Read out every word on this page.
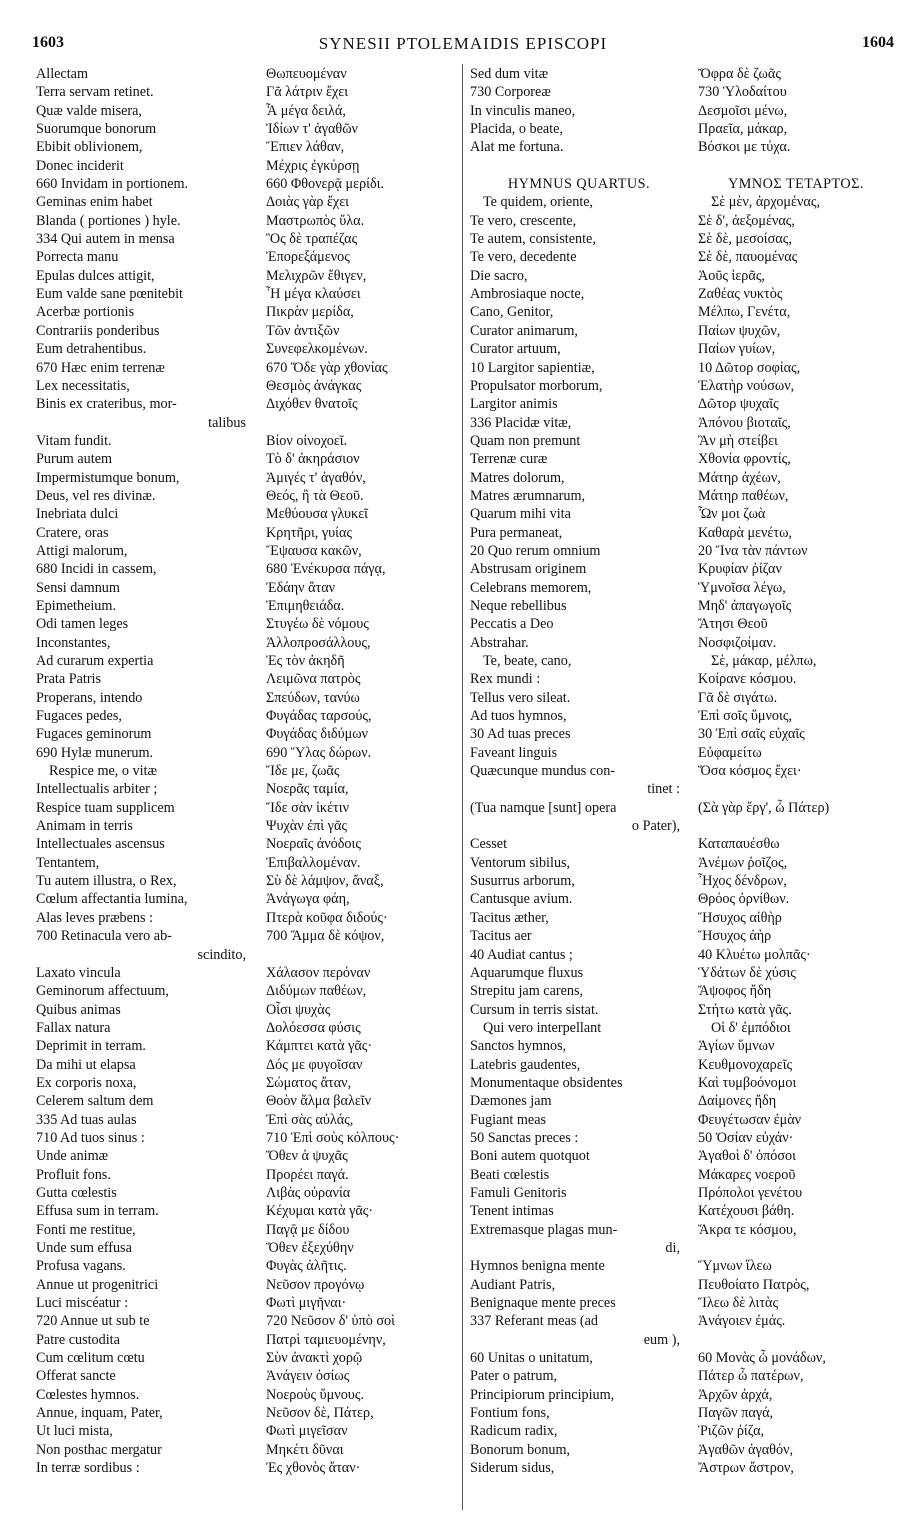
1603	SYNESII PTOLEMAIDIS EPISCOPI	1604
Allectam
Terra servam retinet.
Quæ valde misera,
Suorumque bonorum
Ebibit oblivionem,
Donec inciderit
660 Invidam in portionem.
Geminas enim habet
Blanda ( portiones ) hyle.
334 Qui autem in mensa
Porrecta manu
Epulas dulces attigit,
Eum valde sane pœnitebit
Acerbæ portionis
Contrariis ponderibus
Eum detrahentibus.
670 Hæc enim terrenæ
Lex necessitatis,
Binis ex crateribus, mor-
talibus
Vitam fundit.
Purum autem
Impermistumque bonum,
Deus, vel res divinæ.
Inebriata dulci
Cratere, oras
Attigi malorum,
680 Incidi in cassem,
Sensi damnum
Epimetheium.
Odi tamen leges
Inconstantes,
Ad curarum expertia
Prata Patris
Properans, intendo
Fugaces pedes,
Fugaces geminorum
690 Hylæ munerum.
Respice me, o vitæ
Intellectualis arbiter ;
Respice tuam supplicem
Animam in terris
Intellectuales ascensus
Tentantem,
Tu autem illustra, o Rex,
Cœlum affectantia lumina,
Alas leves præbens :
700 Retinacula vero ab-
scindito,
Laxato vincula
Geminorum affectuum,
Quibus animas
Fallax natura
Deprimit in terram.
Da mihi ut elapsa
Ex corporis noxa,
Celerem saltum dem
335 Ad tuas aulas
710 Ad tuos sinus :
Unde animæ
Profluit fons.
Gutta cœlestis
Effusa sum in terram.
Fonti me restitue,
Unde sum effusa
Profusa vagans.
Annue ut progenitrici
Luci miscéatur :
720 Annue ut sub te
Patre custodita
Cum cœlitum cœtu
Offerat sancte
Cœlestes hymnos.
Annue, inquam, Pater,
Ut luci mista,
Non posthac mergatur
In terræ sordibus :
Θωπευομέναν
Γᾶ λάτριν ἔχει
Ἆ μέγα δειλά,
Ἰδίων τ' ἀγαθῶν
Ἔπιεν λάθαν,
Μέχρις ἐγκύρσῃ
660 Φθονερᾷ μερίδι.
Δοιὰς γὰρ ἔχει
Μαστρωπὸς ὕλα.
Ὃς δὲ τραπέζας
Ἐπορεξάμενος
Μελιχρῶν ἔθιγεν,
Ἦ μέγα κλαύσει
Πικρὰν μερίδα,
Τῶν ἀντιξῶν
Συνεφελκομένων.
670 Ὅδε γὰρ χθονίας
Θεσμὸς ἀνάγκας
Διχόθεν θνατοῖς
Βίον οἰνοχοεῖ.
Τὸ δ' ἀκηράσιον
Ἀμιγές τ' ἀγαθόν,
Θεός, ἢ τὰ Θεοῦ.
Μεθύουσα γλυκεῖ
Κρητῆρι, γυίας
Ἔψαυσα κακῶν,
680 Ἐνέκυρσα πάγᾳ,
Ἐδάην ἄταν
Ἐπιμηθειάδα.
Στυγέω δὲ νόμους
Ἀλλοπροσάλλους,
Ἐς τὸν ἀκηδῆ
Λειμῶνα πατρὸς
Σπεύδων, τανύω
Φυγάδας ταρσούς,
Φυγάδας διδύμων
690 Ὕλας δώρων.
Ἴδε με, ζωᾶς
Νοερᾶς ταμία,
Ἴδε σὰν ἱκέτιν
Ψυχὰν ἐπὶ γᾶς
Νοεραῖς ἀνόδοις
Ἐπιβαλλομέναν.
Σὺ δὲ λάμψον, ἄναξ,
Ἀνάγωγα φάη,
Πτερὰ κοῦφα διδούς·
700 Ἄμμα δὲ κόψον,
Χάλασον περόναν
Διδύμων παθέων,
Οἷσι ψυχὰς
Δολόεσσα φύσις
Κάμπτει κατὰ γᾶς·
Δός με φυγοῖσαν
Σώματος ἄταν,
Θοὸν ἅλμα βαλεῖν
Ἐπὶ σὰς αὐλάς,
710 Ἐπὶ σοὺς κόλπους·
Ὅθεν ἁ ψυχᾶς
Προρέει παγά.
Λιβὰς οὐρανία
Κέχυμαι κατὰ γᾶς·
Παγᾷ με δίδου
Ὅθεν ἐξεχύθην
Φυγὰς ἀλῆτις.
Νεῦσον προγόνῳ
Φωτὶ μιγῆναι·
720 Νεῦσον δ' ὑπὸ σοὶ
Πατρὶ ταμιευομένην,
Σὺν ἀνακτὶ χορῷ
Ἀνάγειν ὁσίως
Νοεροὺς ὕμνους.
Νεῦσον δὲ, Πάτερ,
Φωτὶ μιγεῖσαν
Μηκέτι δῦναι
Ἐς χθονὸς ἄταν·
Sed dum vitæ
730 Corporeæ
In vinculis maneo,
Placida, o beate,
Alat me fortuna.
HYMNUS QUARTUS.
Te quidem, oriente,
Te vero, crescente,
Te autem, consistente,
Te vero, decedente
Die sacro,
Ambrosiaque nocte,
Cano, Genitor,
Curator animarum,
Curator artuum,
10 Largitor sapientiæ,
Propulsator morborum,
Largitor animis
336 Placidæ vitæ,
Quam non premunt
Terrenæ curæ
Matres dolorum,
Matres ærumnarum,
Quarum mihi vita
Pura permaneat,
20 Quo rerum omnium
Abstrusam originem
Celebrans memorem,
Neque rebellibus
Peccatis a Deo
Abstrahar.
Te, beate, cano,
Rex mundi :
Tellus vero sileat.
Ad tuos hymnos,
30 Ad tuas preces
Faveant linguis
Quæcunque mundus con-
tinet :
(Tua namque [sunt] opera
o Pater),
Cesset
Ventorum sibilus,
Susurrus arborum,
Cantusque avium.
Tacitus æther,
Tacitus aer
40 Audiat cantus ;
Aquarumque fluxus
Strepitu jam carens,
Cursum in terris sistat.
Qui vero interpellant
Sanctos hymnos,
Latebris gaudentes,
Monumentaque obsidentes
Dæmones jam
Fugiant meas
50 Sanctas preces :
Boni autem quotquot
Beati cœlestis
Famuli Genitoris
Tenent intimas
Extremasque plagas mun-
di,
Hymnos benigna mente
Audiant Patris,
Benignaque mente preces
337 Referant meas (ad
eum ),
60 Unitas o unitatum,
Pater o patrum,
Principiorum principium,
Fontium fons,
Radicum radix,
Bonorum bonum,
Siderum sidus,
Ὄφρα δὲ ζωᾶς
730 Ὑλοδαίτου
Δεσμοῖσι μένω,
Πραεῖα, μάκαρ,
Βόσκοι με τύχα.
ΥΜΝΟΣ ΤΕΤΑΡΤΟΣ.
Σὲ μὲν, ἀρχομένας,
Σὲ δ', ἀεξομένας,
Σὲ δὲ, μεσοίσας,
Σὲ δὲ, παυομένας
Ἀοῦς ἱερᾶς,
Ζαθέας νυκτὸς
Μέλπω, Γενέτα,
Παίων ψυχῶν,
Παίων γυίων,
10 Δῶτορ σοφίας,
Ἐλατὴρ νούσων,
Δῶτορ ψυχαῖς
Ἀπόνου βιοταῖς,
Ἂν μὴ στείβει
Χθονία φροντίς,
Μάτηρ ἀχέων,
Μάτηρ παθέων,
Ὧν μοι ζωὰ
Καθαρὰ μενέτω,
20 Ἵνα τὰν πάντων
Κρυφίαν ῥίζαν
Ὑμνοῖσα λέγω,
Μηδ' ἀπαγωγοῖς
Ἄτησι Θεοῦ
Νοσφιζοίμαν.
Σὲ, μάκαρ, μέλπω,
Κοίρανε κόσμου.
Γᾶ δὲ σιγάτω.
Ἐπὶ σοῖς ὕμνοις,
30 Ἐπὶ σαῖς εὐχαῖς
Εὐφαμείτω
Ὅσα κόσμος ἔχει·
(Σὰ γὰρ ἔργ', ὦ Πάτερ)
Καταπαυέσθω
Ἀνέμων ῥοῖζος,
Ἦχος δένδρων,
Θρόος ὀρνίθων.
Ἥσυχος αἰθὴρ
Ἥσυχος ἀὴρ
40 Κλυέτω μολπᾶς·
Ὑδάτων δὲ χύσις
Ἄψοφος ἤδη
Στήτω κατὰ γᾶς.
Οἱ δ' ἐμπόδιοι
Ἁγίων ὕμνων
Κευθμονοχαρεῖς
Καὶ τυμβοόνομοι
Δαίμονες ἤδη
Φευγέτωσαν ἐμὰν
50 Ὁσίαν εὐχάν·
Ἀγαθοὶ δ' ὁπόσοι
Μάκαρες νοεροῦ
Πρόπολοι γενέτου
Κατέχουσι βάθη.
Ἄκρα τε κόσμου,
Ὕμνων ἵλεω
Πευθοίατο Πατρὸς,
Ἵλεω δὲ λιτὰς
Ἀνάγοιεν ἐμάς.
60 Μονὰς ὦ μονάδων,
Πάτερ ὦ πατέρων,
Ἀρχῶν ἀρχά,
Παγῶν παγά,
Ῥιζῶν ῥίζα,
Ἀγαθῶν ἀγαθόν,
Ἄστρων ἄστρον,
